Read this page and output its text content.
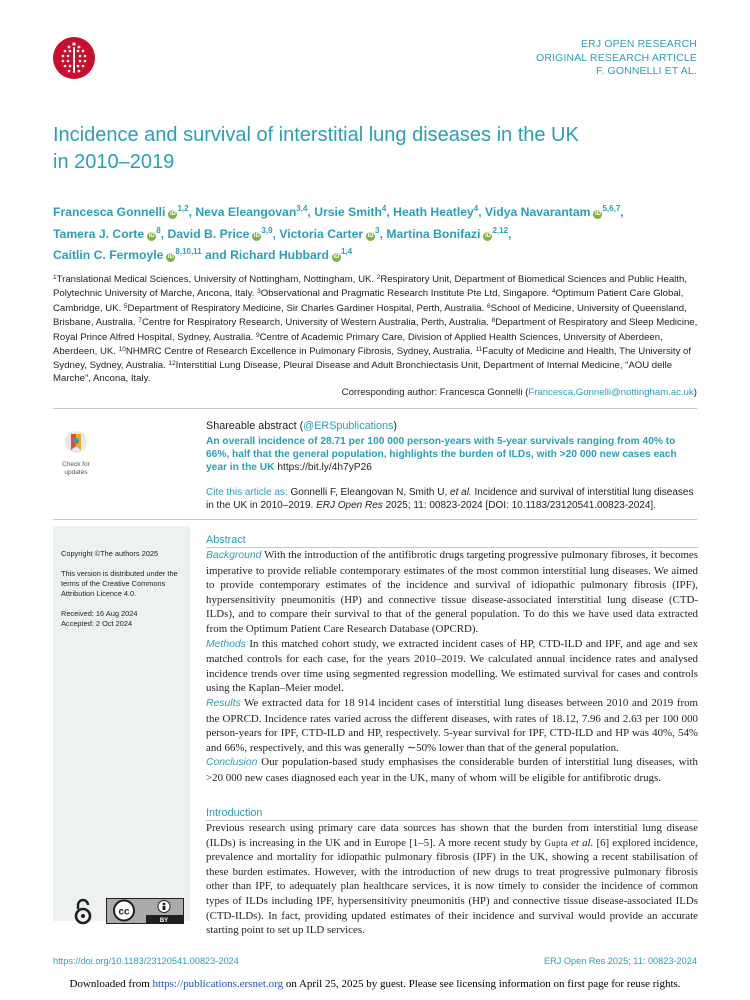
ERJ OPEN RESEARCH
ORIGINAL RESEARCH ARTICLE
F. GONNELLI ET AL.
Incidence and survival of interstitial lung diseases in the UK
in 2010–2019
Francesca Gonnelli iD$^{1,2}$, Neva Eleangovan$^{3,4}$, Ursie Smith$^4$, Heath Heatley$^4$, Vidya Navarantam iD$^{5,6,7}$,
Tamera J. Corte $iD^8$, David B. Price iD$^{3,9}$, Victoria Carter $iD^3$, Martina Bonifazi iD$^{2,12}$,
Caitlin C. Fermoyle iD$^{8,10,11}$ and Richard Hubbard iD$^{1,4}$
$^1$Translational Medical Sciences, University of Nottingham, Nottingham, UK. $^2$Respiratory Unit, Department of Biomedical Sciences and Public Health, Polytechnic University of Marche, Ancona, Italy. $^3$Observational and Pragmatic Research Institute Pte Ltd, Singapore. $^4$Optimum Patient Care Global, Cambridge, UK. $^5$Department of Respiratory Medicine, Sir Charles Gardiner Hospital, Perth, Australia. $^6$School of Medicine, University of Queensland, Brisbane, Australia. $^7$Centre for Respiratory Research, University of Western Australia, Perth, Australia. $^8$Department of Respiratory and Sleep Medicine, Royal Prince Alfred Hospital, Sydney, Australia. $^9$Centre of Academic Primary Care, Division of Applied Health Sciences, University of Aberdeen, Aberdeen, UK. $^{10}$NHMRC Centre of Research Excellence in Pulmonary Fibrosis, Sydney, Australia. $^{11}$Faculty of Medicine and Health, The University of Sydney, Sydney, Australia. $^{12}$Interstitial Lung Disease, Pleural Disease and Adult Bronchiectasis Unit, Department of Internal Medicine, “AOU delle Marche”, Ancona, Italy.
Corresponding author: Francesca Gonnelli (Francesca.Gonnelli@nottingham.ac.uk)
Check for
updates
Shareable abstract (@ERSpublications)
An overall incidence of 28.71 per 100 000 person-years with 5-year survivals ranging from 40% to 66%, half that the general population, highlights the burden of ILDs, with >20 000 new cases each year in the UK https://bit.ly/4h7yP26
Cite this article as: Gonnelli F, Eleangovan N, Smith U, et al. Incidence and survival of interstitial lung diseases in the UK in 2010–2019. ERJ Open Res 2025; 11: 00823-2024 [DOI: 10.1183/23120541.00823-2024].

Copyright ©The authors 2025

This version is distributed under the terms of the Creative Commons Attribution Licence 4.0.

Received: 16 Aug 2024

Accepted: 2 Oct 2024

cc
BY
Abstract

Background With the introduction of the antifibrotic drugs targeting progressive pulmonary fibroses, it becomes imperative to provide reliable contemporary estimates of the most common interstitial lung diseases. We aimed to provide contemporary estimates of the incidence and survival of idiopathic pulmonary fibrosis (IPF), hypersensitivity pneumonitis (HP) and connective tissue disease-associated interstitial lung disease (CTD-ILDs), and to compare their survival to that of the general population. To do this we have used data extracted from the Optimum Patient Care Research Database (OPCRD).
Methods In this matched cohort study, we extracted incident cases of HP, CTD-ILD and IPF, and age and sex matched controls for each case, for the years 2010–2019. We calculated annual incidence rates and analysed incidence trends over time using segmented regression modelling. We estimated survival for cases and controls using the Kaplan–Meier model.
Results We extracted data for 18 914 incident cases of interstitial lung diseases between 2010 and 2019 from the OPRCD. Incidence rates varied across the different diseases, with rates of 18.12, 7.96 and 2.63 per 100 000 person-years for IPF, CTD-ILD and HP, respectively. 5-year survival for IPF, CTD-ILD and HP was 40%, 54% and 66%, respectively, and this was generally ∼50% lower than that of the general population.
Conclusion Our population-based study emphasises the considerable burden of interstitial lung diseases, with >20 000 new cases diagnosed each year in the UK, many of whom will be eligible for antifibrotic drugs.

Introduction

Previous research using primary care data sources has shown that the burden from interstitial lung disease (ILDs) is increasing in the UK and in Europe [1–5]. A more recent study by Gupta et al. [6] explored incidence, prevalence and mortality for idiopathic pulmonary fibrosis (IPF) in the UK, showing a recent stabilisation of these burden estimates. However, with the introduction of new drugs to treat progressive pulmonary fibrosis other than IPF, to adequately plan healthcare services, it is now timely to consider the incidence of common types of ILDs including IPF, hypersensitivity pneumonitis (HP) and connective tissue disease-associated ILDs (CTD-ILDs). In fact, providing updated estimates of their incidence and survival would provide an accurate starting point to set up ILD services.

https://doi.org/10.1183/23120541.00823-2024	ERJ Open Res 2025; 11: 00823-2024
Downloaded from https://publications.ersnet.org on April 25, 2025 by guest. Please see licensing information on first page for reuse rights.
